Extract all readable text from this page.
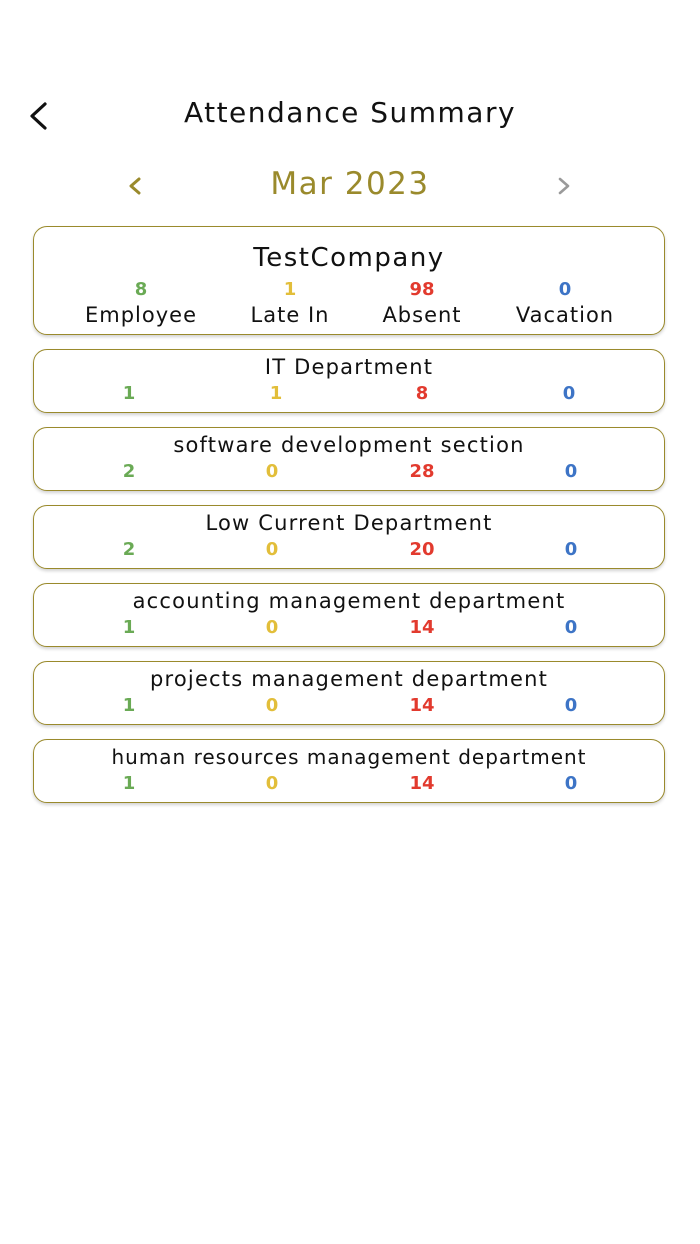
Attendance Summary
Mar 2023
TestCompany
8	1	98	0
Employee	Late In	Absent	Vacation
IT Department
1	1	8	0
software development section
2	0	28	0
Low Current Department
2	0	20	0
accounting management department
1	0	14	0
projects management department
1	0	14	0
human resources management department
1	0	14	0
